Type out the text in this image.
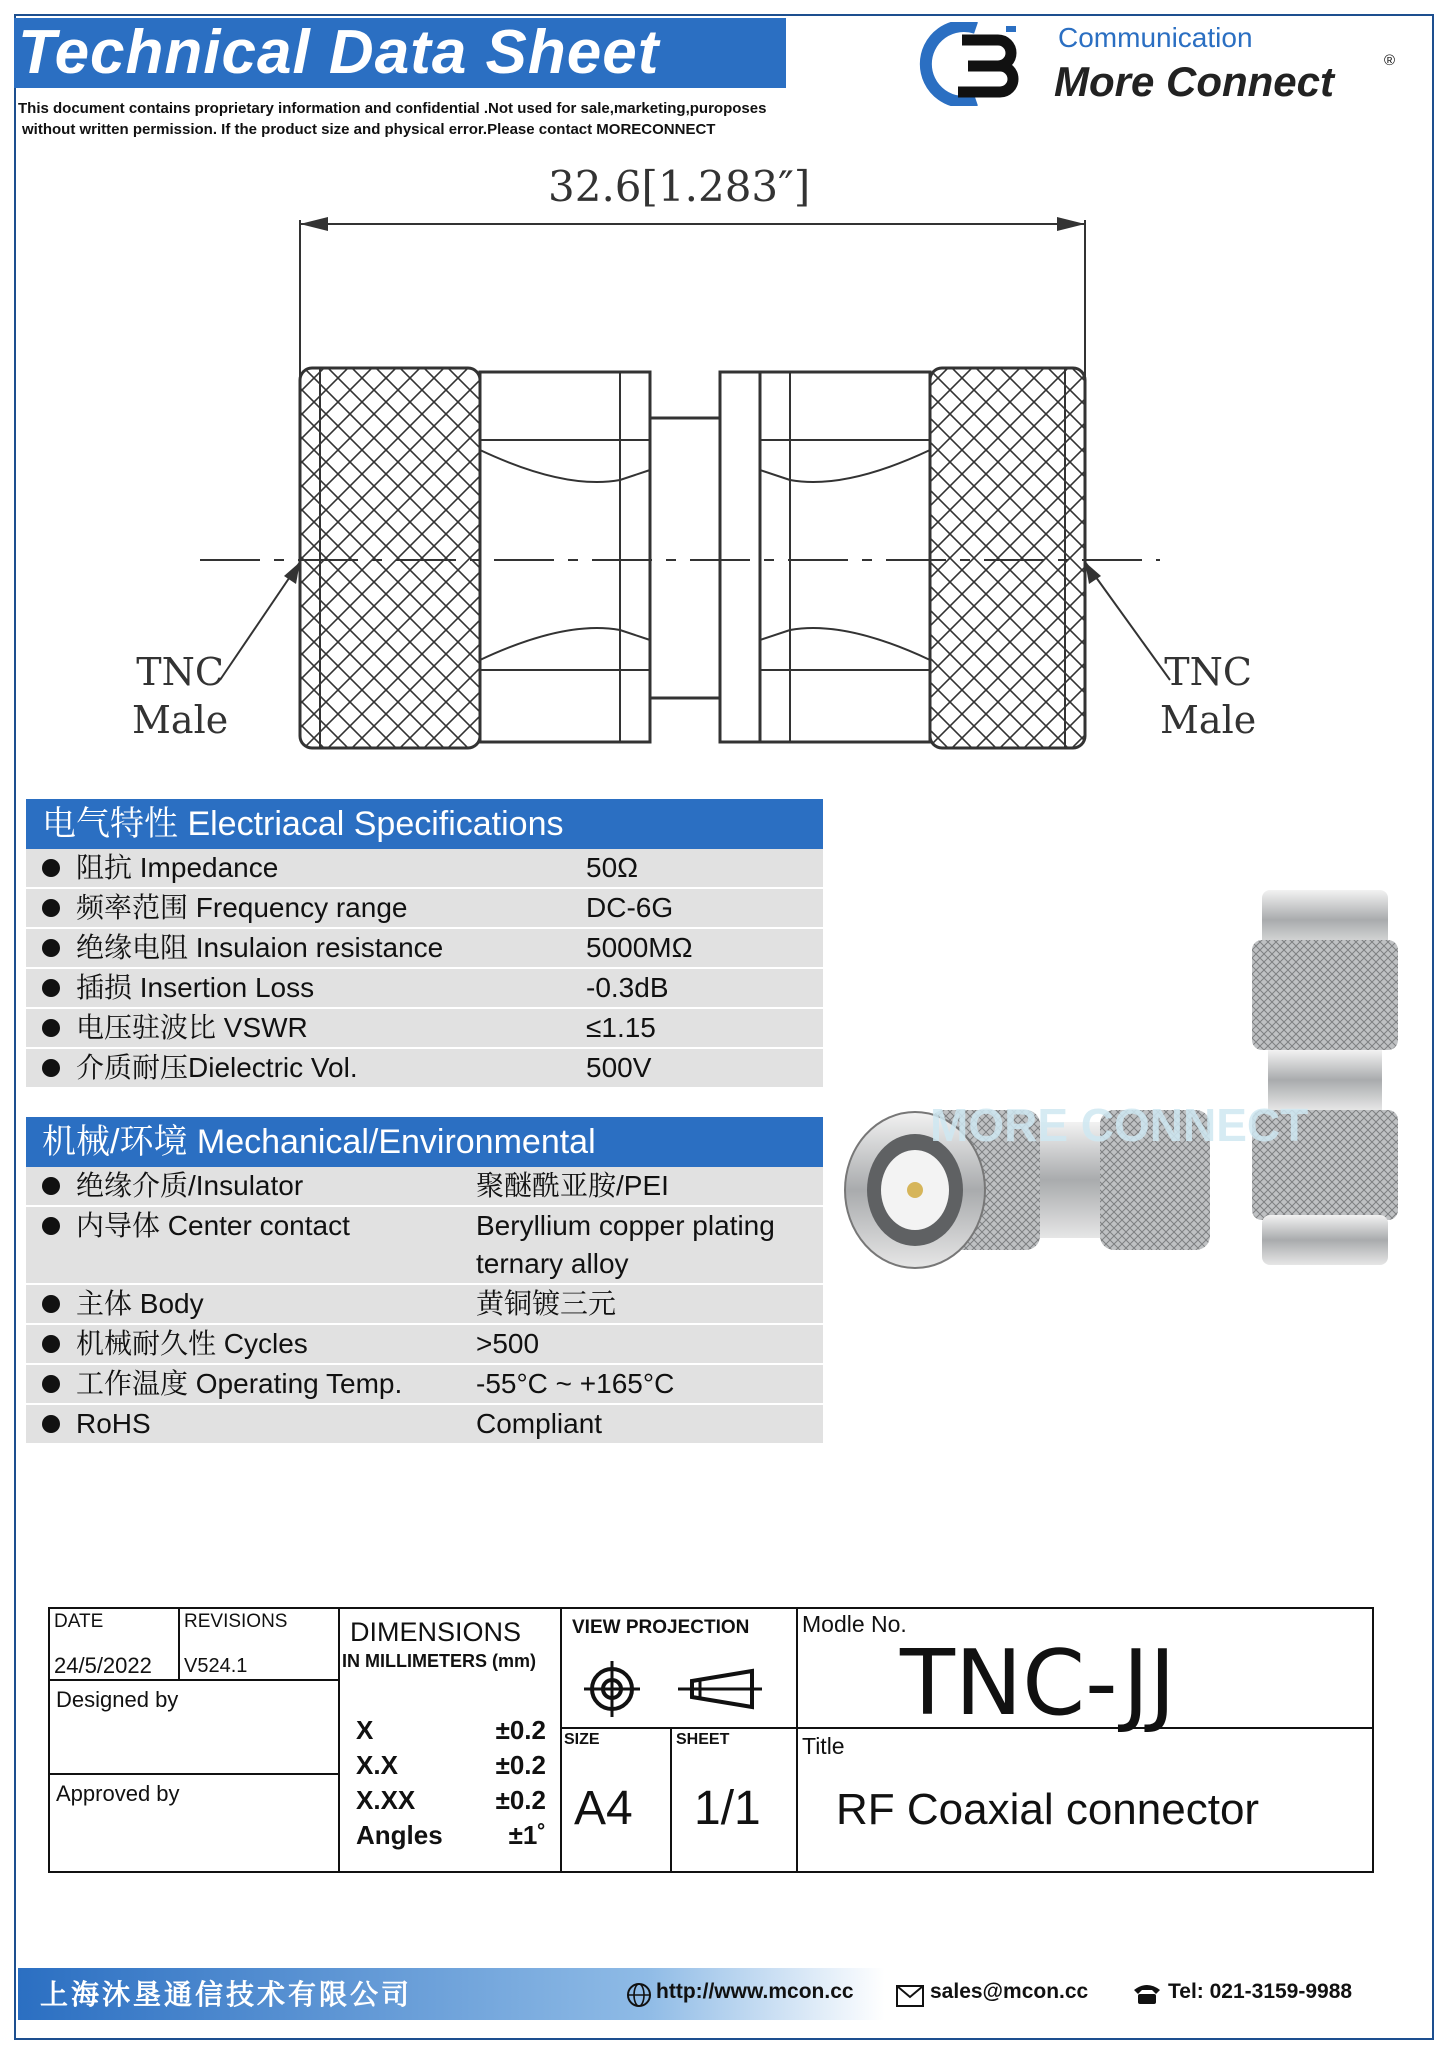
Technical Data Sheet
This document contains proprietary information and confidential .Not used for sale,marketing,puroposes
without written permission. If the product size and physical error.Please contact MORECONNECT
Communication
More Connect	®
32.6[1.283″]
TNC
Male
TNC
Male
电气特性 Electriacal Specifications
阻抗 Impedance	50Ω
频率范围 Frequency range	DC-6G
绝缘电阻 Insulaion resistance	5000MΩ
插损 Insertion Loss	-0.3dB
电压驻波比 VSWR	≤1.15
介质耐压Dielectric Vol.	500V
机械/环境 Mechanical/Environmental
绝缘介质/Insulator	聚醚酰亚胺/PEI
内导体 Center contact	Beryllium copper plating
ternary alloy
主体 Body	黄铜镀三元
机械耐久性 Cycles	>500
工作温度 Operating Temp.	-55°C ~ +165°C
RoHS	Compliant
MORE CONNECT
DATE
24/5/2022
REVISIONS
V524.1
Designed by
Approved by
DIMENSIONS
IN MILLIMETERS (mm)
X	±0.2
X.X	±0.2
X.XX	±0.2
Angles	±1˚
VIEW PROJECTION
SIZE
A4
SHEET
1/1
Modle No.
TNC-JJ
Title
RF Coaxial connector
上海沐垦通信技术有限公司	http://www.mcon.cc	sales@mcon.cc	Tel: 021-3159-9988
